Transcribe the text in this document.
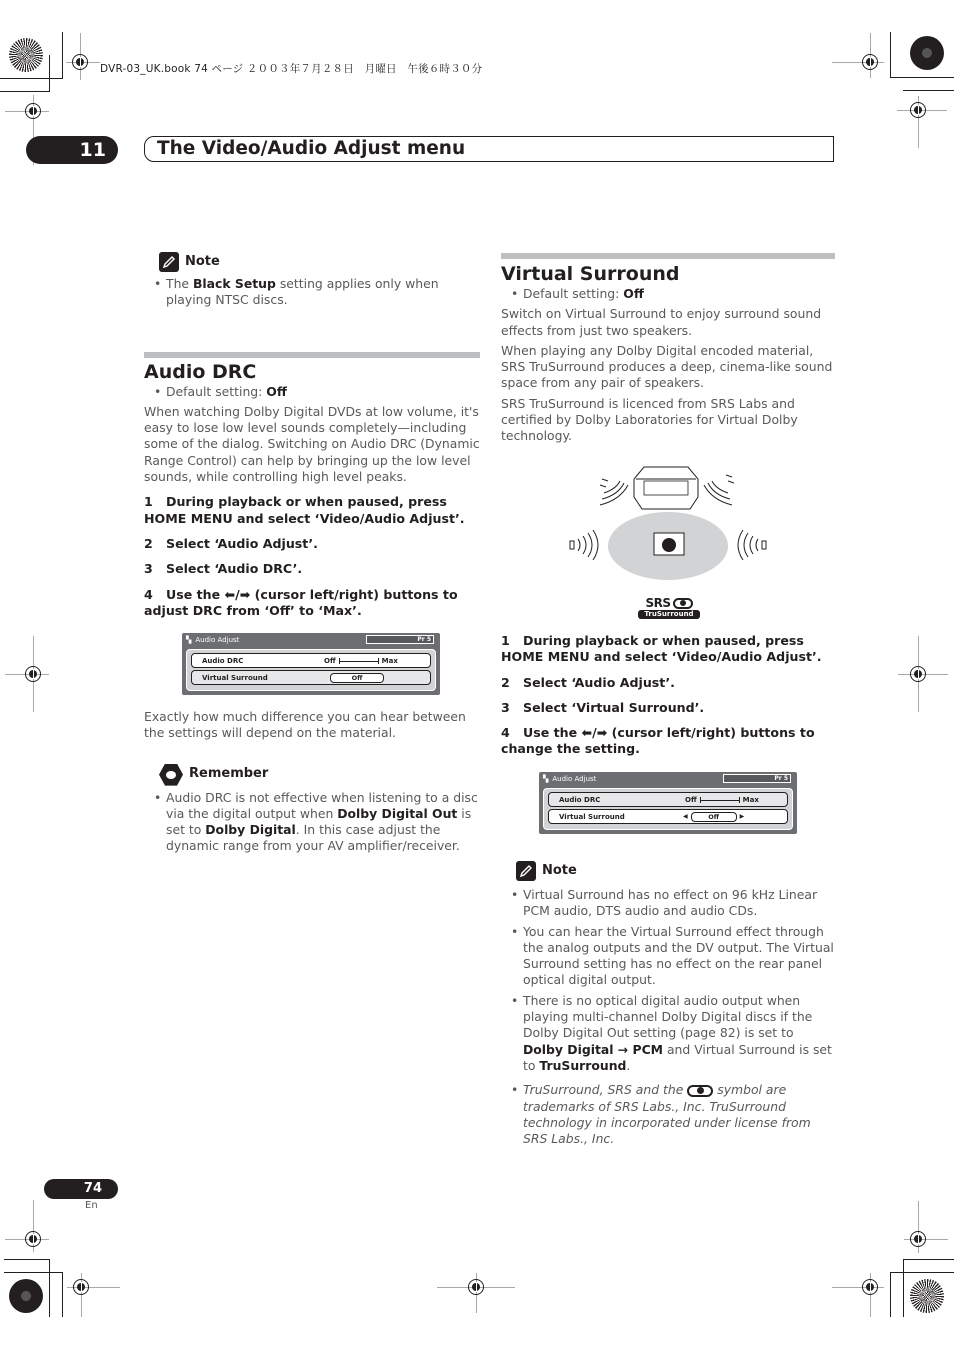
DVR-03_UK.book 74 ページ ２００３年７月２８日　月曜日　午後６時３０分
11	The Video/Audio Adjust menu
Note
• The Black Setup setting applies only when playing NTSC discs.
Audio DRC
• Default setting: Off

When watching Dolby Digital DVDs at low volume, it's easy to lose low level sounds completely—including some of the dialog. Switching on Audio DRC (Dynamic Range Control) can help by bringing up the low level sounds, while controlling high level peaks.

1 During playback or when paused, press HOME MENU and select ‘Video/Audio Adjust’.
2 Select ‘Audio Adjust’.
3 Select ‘Audio DRC’.
4 Use the ⬅/➡ (cursor left/right) buttons to adjust DRC from ‘Off’ to ‘Max’.
▚ Audio Adjust	Pr 5
Audio DRC	Off	Max
Virtual Surround	Off

Exactly how much difference you can hear between the settings will depend on the material.

Remember
• Audio DRC is not effective when listening to a disc via the digital output when Dolby Digital Out is set to Dolby Digital. In this case adjust the dynamic range from your AV amplifier/receiver.
Virtual Surround
• Default setting: Off

Switch on Virtual Surround to enjoy surround sound effects from just two speakers.

When playing any Dolby Digital encoded material, SRS TruSurround produces a deep, cinema-like sound space from any pair of speakers.

SRS TruSurround is licenced from SRS Labs and certified by Dolby Laboratories for Virtual Dolby technology.

SRS
TruSurround
1 During playback or when paused, press HOME MENU and select ‘Video/Audio Adjust’.
2 Select ‘Audio Adjust’.
3 Select ‘Virtual Surround’.
4 Use the ⬅/➡ (cursor left/right) buttons to change the setting.
▚ Audio Adjust	Pr 5
Audio DRC	Off	Max
Virtual Surround	◀	Off	▶
Note
• Virtual Surround has no effect on 96 kHz Linear PCM audio, DTS audio and audio CDs.
• You can hear the Virtual Surround effect through the analog outputs and the DV output. The Virtual Surround setting has no effect on the rear panel optical digital output.
• There is no optical digital audio output when playing multi-channel Dolby Digital discs if the Dolby Digital Out setting (page 82) is set to Dolby Digital → PCM and Virtual Surround is set to TruSurround.
• TruSurround, SRS and the
symbol are trademarks of SRS Labs., Inc. TruSurround technology in incorporated under license from SRS Labs., Inc.
74
En
